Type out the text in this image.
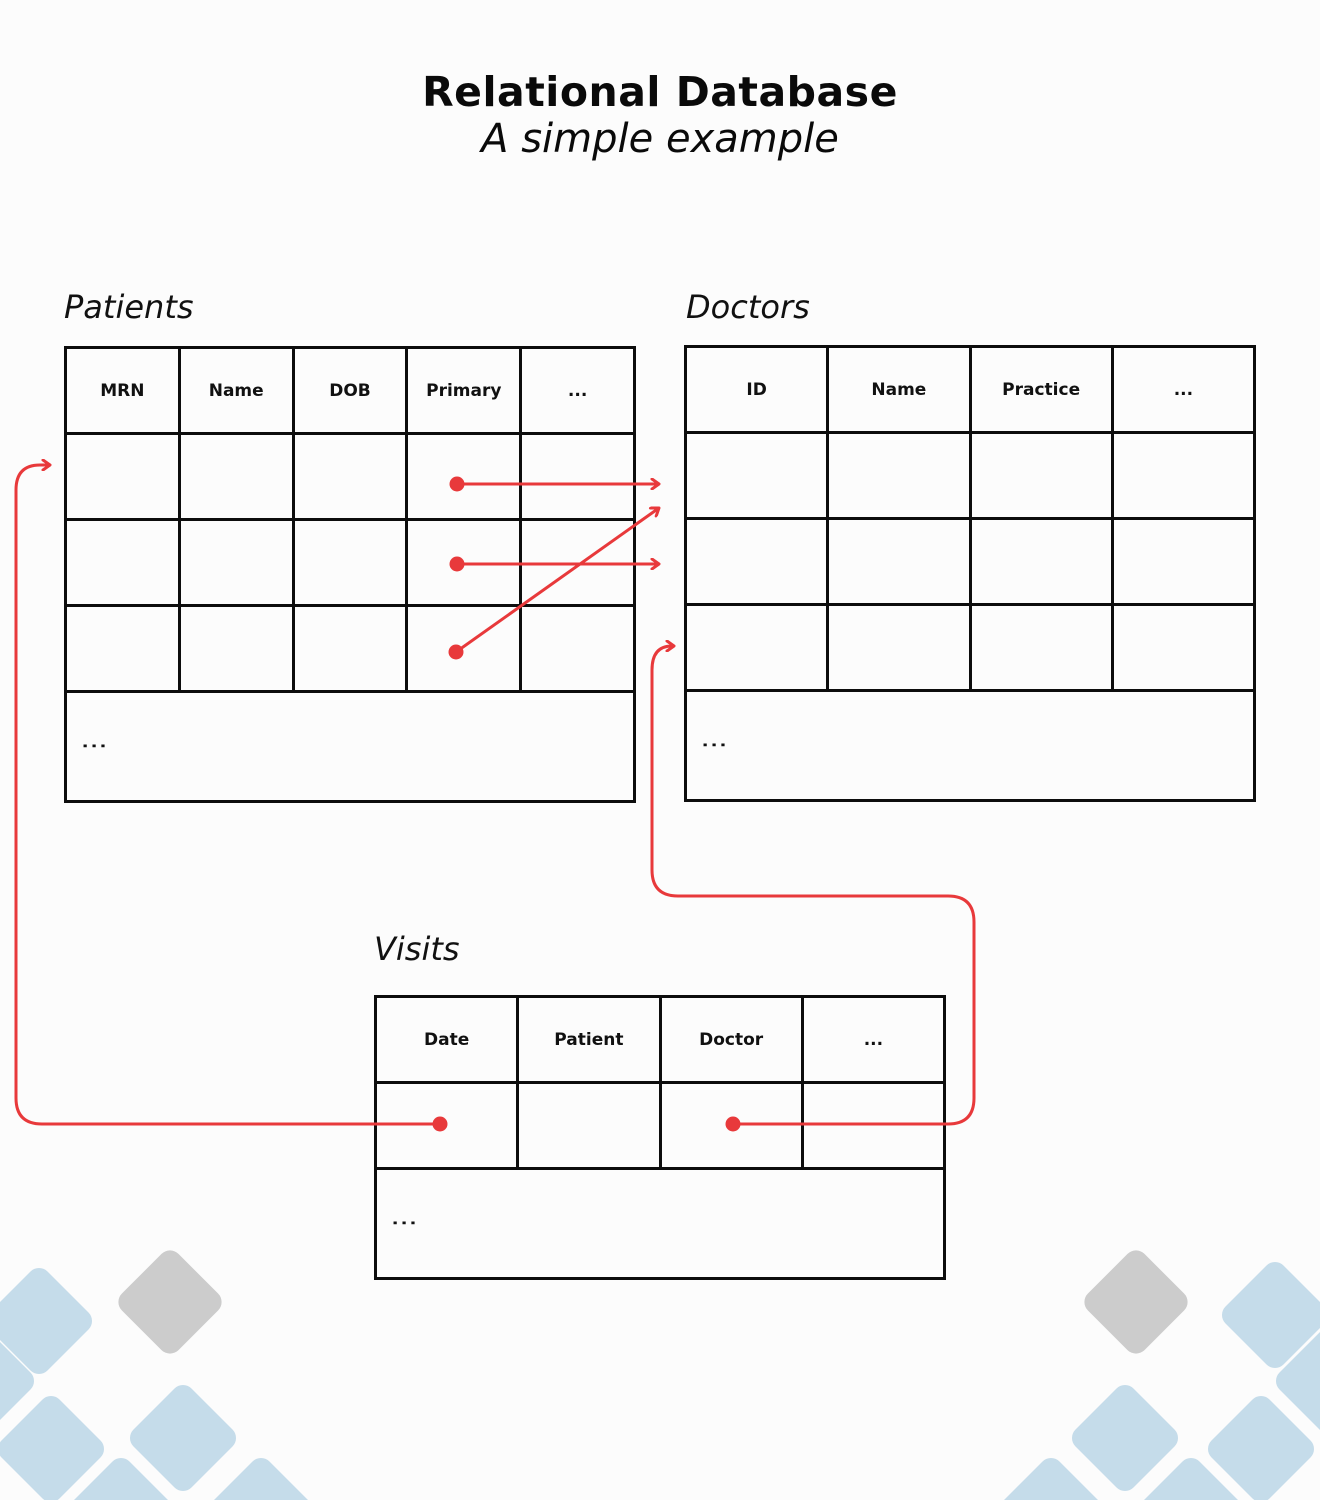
Relational Database
A simple example
Patients
MRN	Name	DOB	Primary	...

⋮				
Doctors
ID	Name	Practice	...

⋮			
Visits
Date	Patient	Doctor	...

⋮			
